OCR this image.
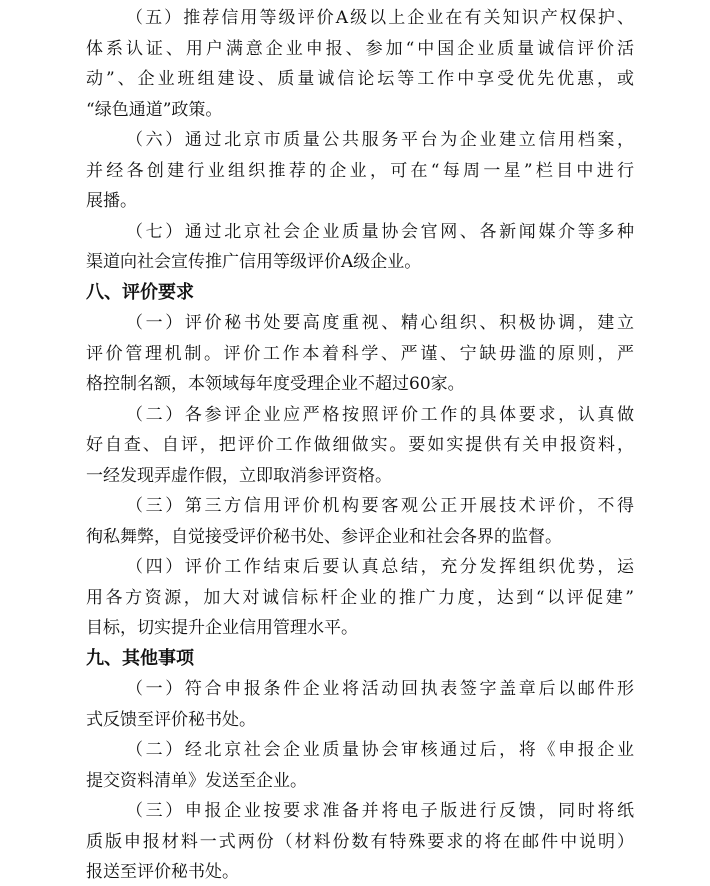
（五）推荐信用等级评价A级以上企业在有关知识产权保护、
体系认证、用户满意企业申报、参加“中国企业质量诚信评价活
动”、企业班组建设、质量诚信论坛等工作中享受优先优惠，或
“绿色通道”政策。
（六）通过北京市质量公共服务平台为企业建立信用档案，
并经各创建行业组织推荐的企业，可在“每周一星”栏目中进行
展播。
（七）通过北京社会企业质量协会官网、各新闻媒介等多种
渠道向社会宣传推广信用等级评价A级企业。
八、评价要求
（一）评价秘书处要高度重视、精心组织、积极协调，建立
评价管理机制。评价工作本着科学、严谨、宁缺毋滥的原则，严
格控制名额，本领域每年度受理企业不超过60家。
（二）各参评企业应严格按照评价工作的具体要求，认真做
好自查、自评，把评价工作做细做实。要如实提供有关申报资料，
一经发现弄虚作假，立即取消参评资格。
（三）第三方信用评价机构要客观公正开展技术评价，不得
徇私舞弊，自觉接受评价秘书处、参评企业和社会各界的监督。
（四）评价工作结束后要认真总结，充分发挥组织优势，运
用各方资源，加大对诚信标杆企业的推广力度，达到“以评促建”
目标，切实提升企业信用管理水平。
九、其他事项
（一）符合申报条件企业将活动回执表签字盖章后以邮件形
式反馈至评价秘书处。
（二）经北京社会企业质量协会审核通过后，将《申报企业
提交资料清单》发送至企业。
（三）申报企业按要求准备并将电子版进行反馈，同时将纸
质版申报材料一式两份（材料份数有特殊要求的将在邮件中说明）
报送至评价秘书处。
